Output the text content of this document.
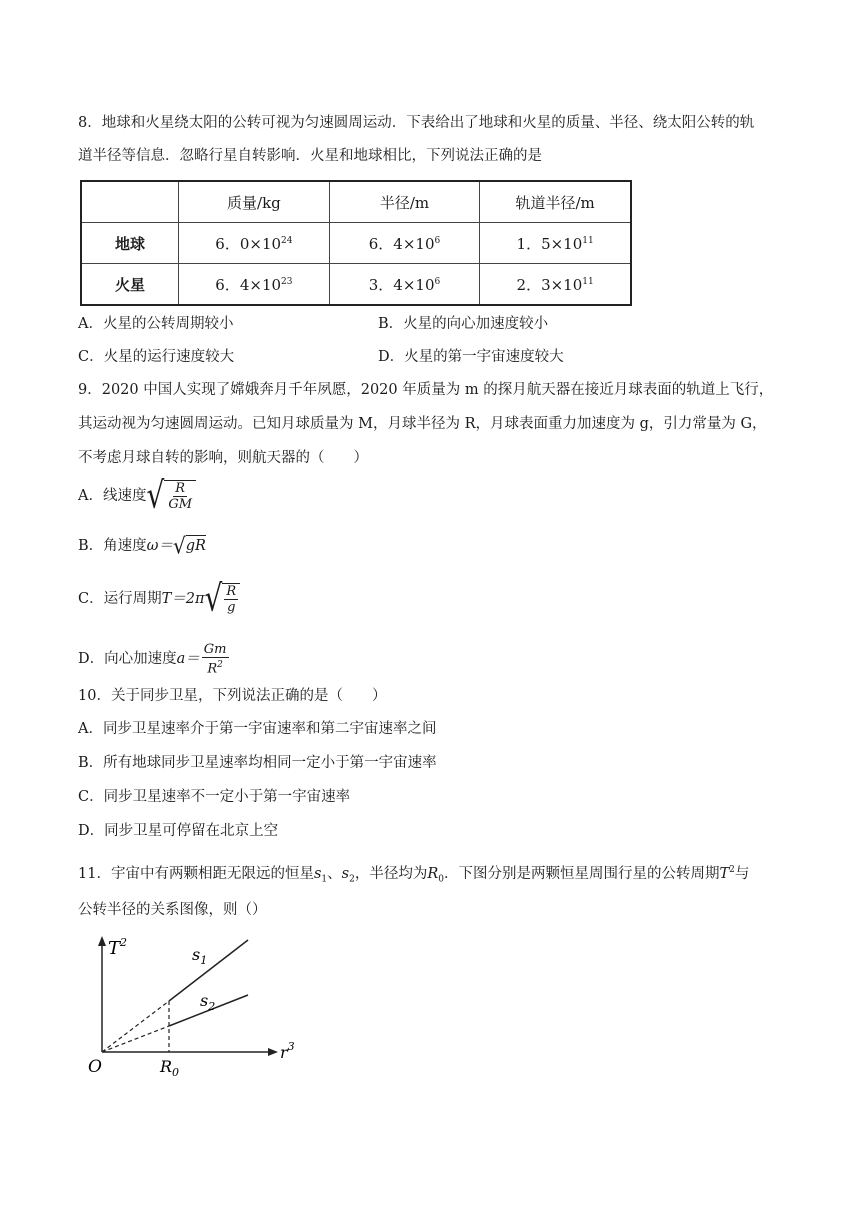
8．地球和火星绕太阳的公转可视为匀速圆周运动．下表给出了地球和火星的质量、半径、绕太阳公转的轨
道半径等信息．忽略行星自转影响．火星和地球相比，下列说法正确的是
	质量/kg	半径/m	轨道半径/m
地球	6．$0\times 10^{24}$	6．$4\times 10^6$	1．$5\times 10^{11}$
火星	6．$4\times 10^{23}$	3．$4\times 10^6$	2．$3\times 10^{11}$
A．火星的公转周期较小	B．火星的向心加速度较小
C．火星的运行速度较大	D．火星的第一宇宙速度较大
9．2020 中国人实现了嫦娥奔月千年夙愿，2020 年质量为 m 的探月航天器在接近月球表面的轨道上飞行，
其运动视为匀速圆周运动。已知月球质量为 M，月球半径为 R，月球表面重力加速度为 g，引力常量为 G，
不考虑月球自转的影响，则航天器的（　　）
A．线速度 √ $\frac{R}{GM}$
B．角速度 ω＝ √ gR
C．运行周期 T＝2π √ $\frac{R}{g}$
D．向心加速度 $a= \frac{Gm}{R^2}$
10．关于同步卫星，下列说法正确的是（　　）
A．同步卫星速率介于第一宇宙速率和第二宇宙速率之间
B．所有地球同步卫星速率均相同一定小于第一宇宙速率
C．同步卫星速率不一定小于第一宇宙速率
D．同步卫星可停留在北京上空
11．宇宙中有两颗相距无限远的恒星$s_1$、$s_2$，半径均为$R_0$．下图分别是两颗恒星周围行星的公转周期$T^2$与
公转半径的关系图像，则（）
$T^2$
$r^3$
O	$R_0$
$s_1$
$s_2$
